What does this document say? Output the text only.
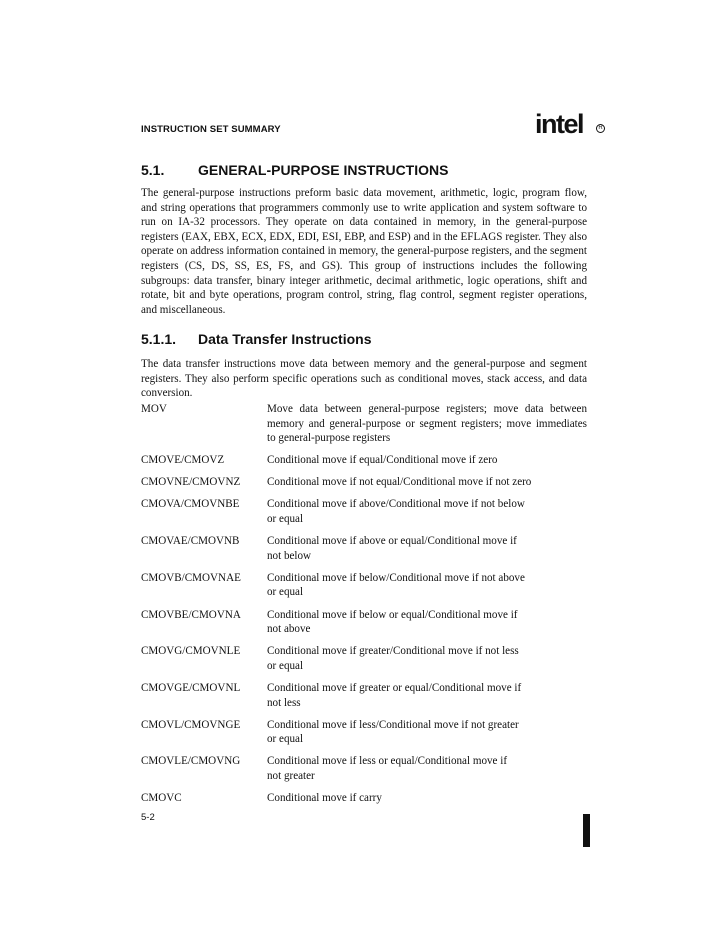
INSTRUCTION SET SUMMARY	intel	R
5.1. GENERAL-PURPOSE INSTRUCTIONS

The general-purpose instructions preform basic data movement, arithmetic, logic, program flow, and string operations that programmers commonly use to write application and system software to run on IA-32 processors. They operate on data contained in memory, in the general-purpose registers (EAX, EBX, ECX, EDX, EDI, ESI, EBP, and ESP) and in the EFLAGS register. They also operate on address information contained in memory, the general-purpose registers, and the segment registers (CS, DS, SS, ES, FS, and GS). This group of instructions includes the following subgroups: data transfer, binary integer arithmetic, decimal arithmetic, logic operations, shift and rotate, bit and byte operations, program control, string, flag control, segment register operations, and miscellaneous.

5.1.1. Data Transfer Instructions

The data transfer instructions move data between memory and the general-purpose and segment registers. They also perform specific operations such as conditional moves, stack access, and data conversion.

MOV	Move data between general-purpose registers; move data between
memory and general-purpose or segment registers; move immediates
to general-purpose registers
CMOVE/CMOVZ	Conditional move if equal/Conditional move if zero
CMOVNE/CMOVNZ	Conditional move if not equal/Conditional move if not zero
CMOVA/CMOVNBE	Conditional move if above/Conditional move if not below
or equal
CMOVAE/CMOVNB	Conditional move if above or equal/Conditional move if
not below
CMOVB/CMOVNAE	Conditional move if below/Conditional move if not above
or equal
CMOVBE/CMOVNA	Conditional move if below or equal/Conditional move if
not above
CMOVG/CMOVNLE	Conditional move if greater/Conditional move if not less
or equal
CMOVGE/CMOVNL	Conditional move if greater or equal/Conditional move if
not less
CMOVL/CMOVNGE	Conditional move if less/Conditional move if not greater
or equal
CMOVLE/CMOVNG	Conditional move if less or equal/Conditional move if
not greater
CMOVC	Conditional move if carry
5-2
